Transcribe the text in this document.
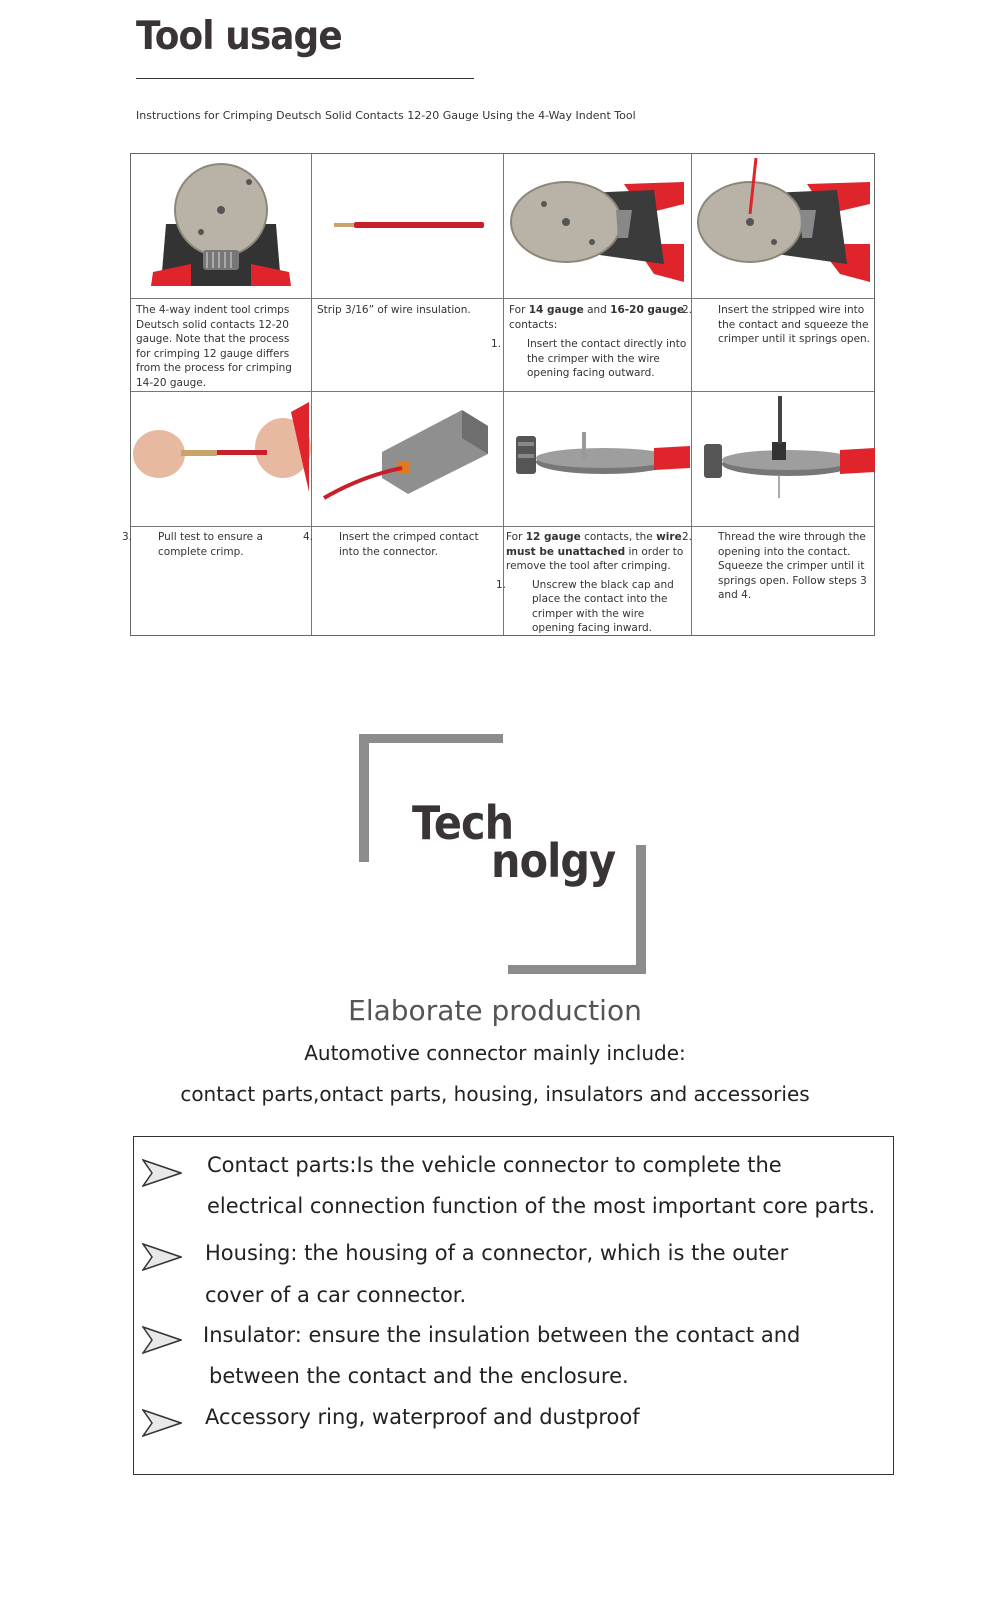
Tool usage
Instructions for Crimping Deutsch Solid Contacts 12-20 Gauge Using the 4-Way Indent Tool

The 4-way indent tool crimps Deutsch solid contacts 12-20 gauge. Note that the process for crimping 12 gauge differs from the process for crimping 14-20 gauge.

Strip 3/16” of wire insulation.	For 14 gauge and 16-20 gauge contacts:

1. Insert the contact directly into the crimper with the wire opening facing outward.

2. Insert the stripped wire into the contact and squeeze the crimper until it springs open.

3. Pull test to ensure a complete crimp.

4. Insert the crimped contact into the connector.

For 12 gauge contacts, the wire must be unattached in order to remove the tool after crimping.

1. Unscrew the black cap and place the contact into the crimper with the wire opening facing inward.

2. Thread the wire through the opening into the contact. Squeeze the crimper until it springs open. Follow steps 3 and 4.

Tech
nolgy
Elaborate production
Automotive connector mainly include:
contact parts,ontact parts, housing, insulators and accessories
Contact parts:Is the vehicle connector to complete the
electrical connection function of the most important core parts.
Housing: the housing of a connector, which is the outer
cover of a car connector.
Insulator: ensure the insulation between the contact and
between the contact and the enclosure.
Accessory ring, waterproof and dustproof
